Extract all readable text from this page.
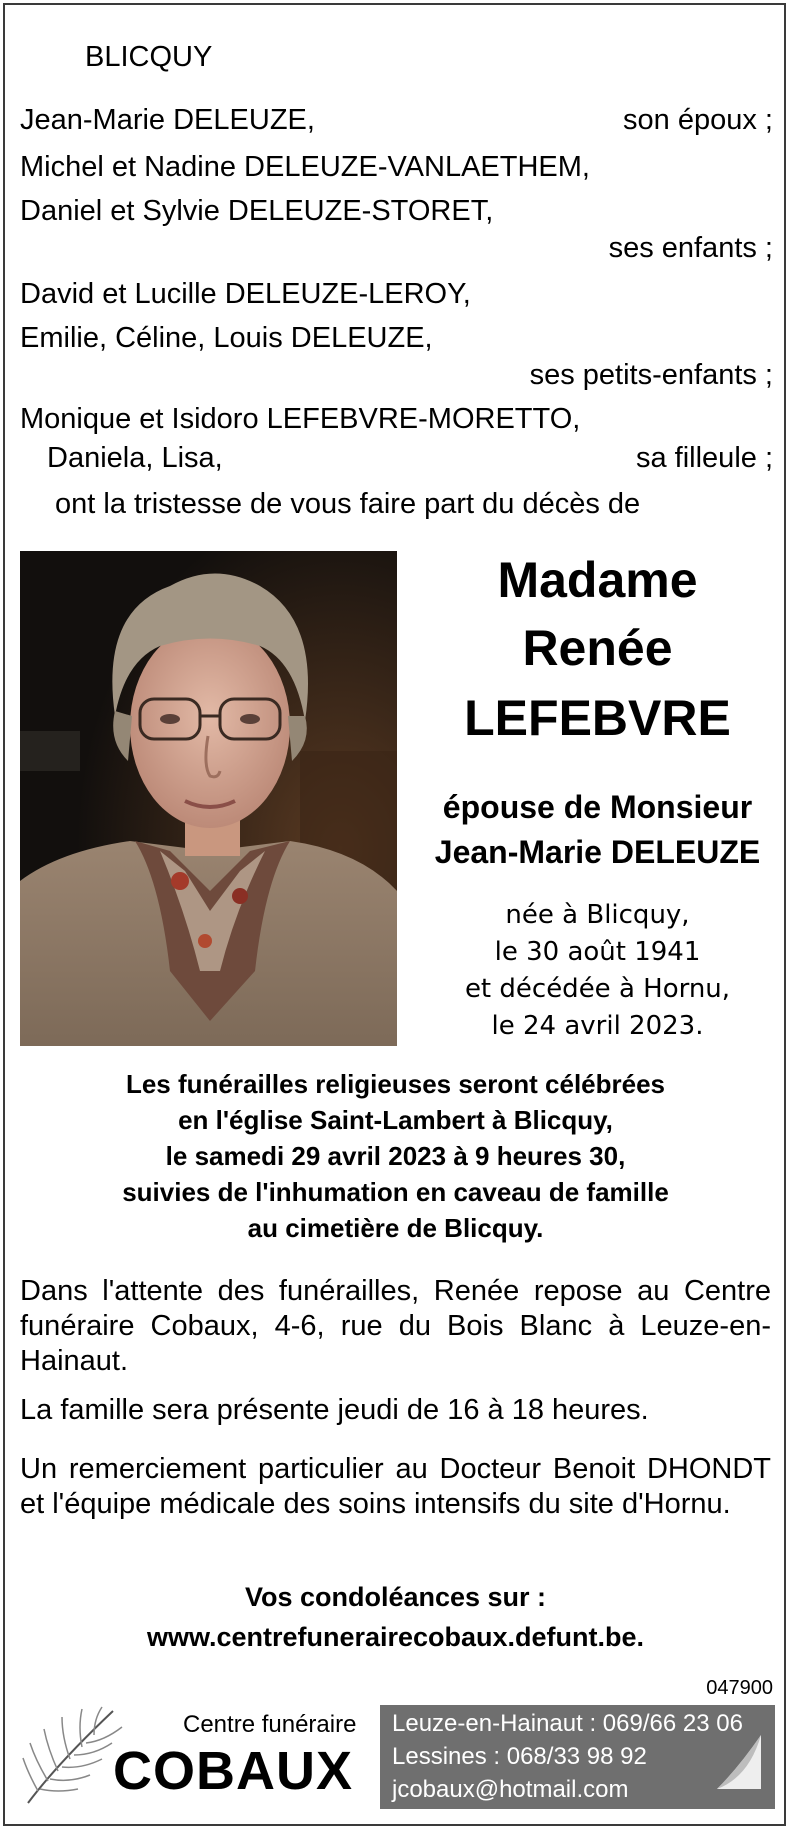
BLICQUY
Jean-Marie DELEUZE,	son époux ;
Michel et Nadine DELEUZE-VANLAETHEM,
Daniel et Sylvie DELEUZE-STORET,
ses enfants ;
David et Lucille DELEUZE-LEROY,
Emilie, Céline, Louis DELEUZE,
ses petits-enfants ;
Monique et Isidoro LEFEBVRE-MORETTO,
Daniela, Lisa,	sa filleule ;
ont la tristesse de vous faire part du décès de
Madame
Renée
LEFEBVRE
épouse de Monsieur
Jean-Marie DELEUZE
née à Blicquy,
le 30 août 1941
et décédée à Hornu,
le 24 avril 2023.
Les funérailles religieuses seront célébrées
en l'église Saint-Lambert à Blicquy,
le samedi 29 avril 2023 à 9 heures 30,
suivies de l'inhumation en caveau de famille
au cimetière de Blicquy.
Dans l'attente des funérailles, Renée repose au Centre funéraire Cobaux, 4-6, rue du Bois Blanc à Leuze-en-Hainaut.
La famille sera présente jeudi de 16 à 18 heures.
Un remerciement particulier au Docteur Benoit DHONDT et l'équipe médicale des soins intensifs du site d'Hornu.
Vos condoléances sur :
www.centrefunerairecobaux.defunt.be.
047900
Centre funéraire
COBAUX
Leuze-en-Hainaut : 069/66 23 06
Lessines : 068/33 98 92
jcobaux@hotmail.com
